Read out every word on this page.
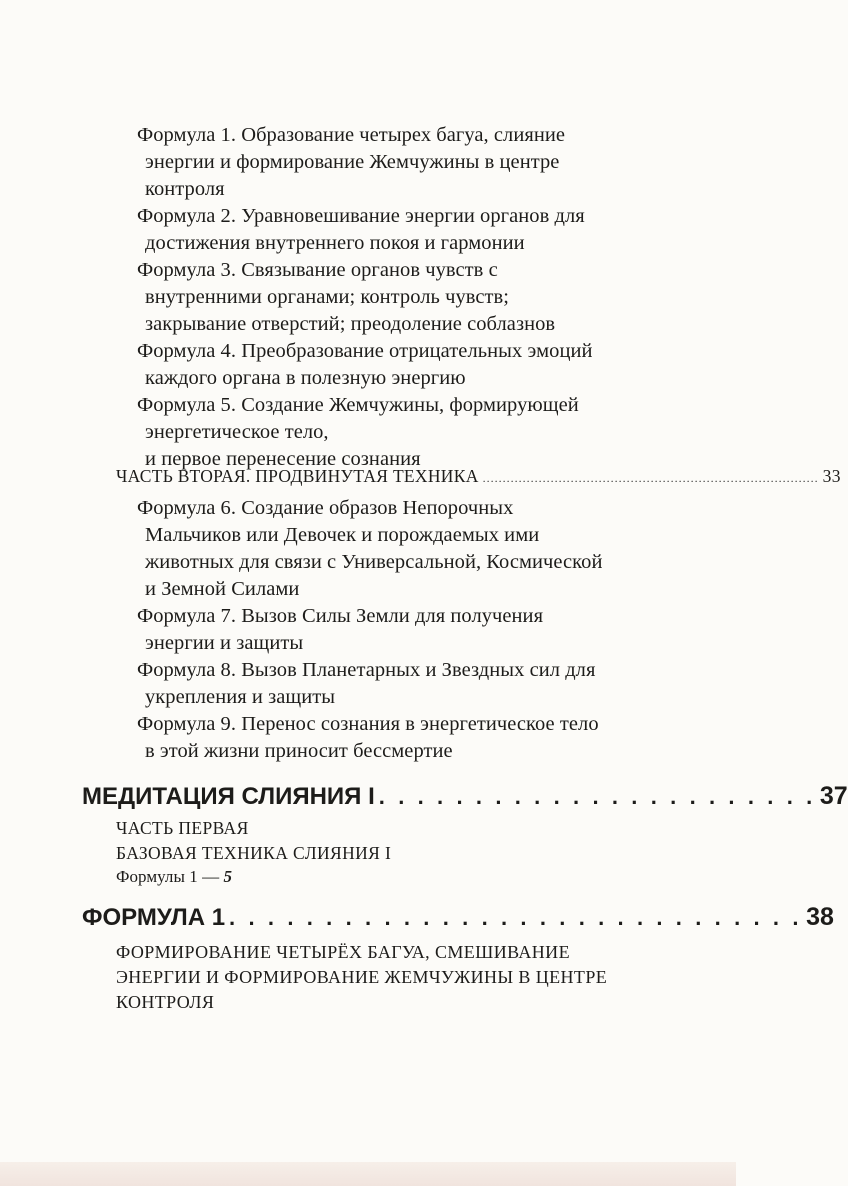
Формула 1. Образование четырех багуа, слияние
энергии и формирование Жемчужины в центре
контроля
Формула 2. Уравновешивание энергии органов для
достижения внутреннего покоя и гармонии
Формула 3. Связывание органов чувств с
внутренними органами; контроль чувств;
закрывание отверстий; преодоление соблазнов
Формула 4. Преобразование отрицательных эмоций
каждого органа в полезную энергию
Формула 5. Создание Жемчужины, формирующей
энергетическое тело,
и первое перенесение сознания
ЧАСТЬ ВТОРАЯ. ПРОДВИНУТАЯ ТЕХНИКА .................................................................................... 33
Формула 6. Создание образов Непорочных
Мальчиков или Девочек и порождаемых ими
животных для связи с Универсальной, Космической
и Земной Силами
Формула 7. Вызов Силы Земли для получения
энергии и защиты
Формула 8. Вызов Планетарных и Звездных сил для
укрепления и защиты
Формула 9. Перенос сознания в энергетическое тело
в этой жизни приносит бессмертие
МЕДИТАЦИЯ СЛИЯНИЯ I . . . . . . . . . . . . . . . . . . . . . . . 37
ЧАСТЬ ПЕРВАЯ
БАЗОВАЯ ТЕХНИКА СЛИЯНИЯ I
Формулы 1 — 5
ФОРМУЛА 1 . . . . . . . . . . . . . . . . . . . . . . . . . . . . . . 38
ФОРМИРОВАНИЕ ЧЕТЫРЁХ БАГУА, СМЕШИВАНИЕ
ЭНЕРГИИ И ФОРМИРОВАНИЕ ЖЕМЧУЖИНЫ В ЦЕНТРЕ
КОНТРОЛЯ
